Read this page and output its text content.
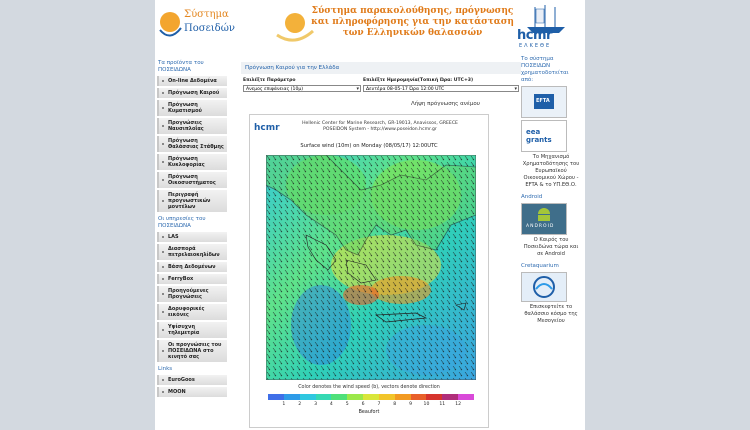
Σύστημα
Ποσειδών
Σύστημα παρακολούθησης, πρόγνωσης
και πληροφόρησης για την κατάσταση
των Ελληνικών θαλασσών	hcmr
ΕΛΚΕΘΕ
Τα προϊόντα του ΠΟΣΕΙΔΩΝΑ
On-line Δεδομένα
Πρόγνωση Καιρού
Πρόγνωση Κυματισμού
Προγνώσεις Ναυσιπλοΐας
Πρόγνωση Θαλάσσιας Στάθμης
Πρόγνωση Κυκλοφορίας
Πρόγνωση Οικοσυστήματος
Περιγραφή προγνωστικών μοντέλων
Οι υπηρεσίες του ΠΟΣΕΙΔΩΝΑ
LAS
Διασπορά πετρελαιοκηλίδων
Βάση Δεδομένων
FerryBox
Προηγούμενες Προγνώσεις
Δορυφορικές εικόνες
Υψίσυχνη τηλεμετρία
Οι προγνώσεις του ΠΟΣΕΙΔΩΝΑ στο κινητό σας
Links
EuroGoos
MOON
Πρόγνωση Καιρού για την Ελλάδα
Επιλέξτε Παράμετρο
Ανεμος επιφάνειας (10μ) ▾
Επιλέξτε Ημερομηνία(Τοπική Ώρα: UTC+3)
Δευτέρα 08-05-17 Ώρα 12:00 UTC ▾
Λήψη πρόγνωσης ανέμου
hcmr	Hellenic Center for Marine Research, GR-19013, Anavissos, GREECE
POSEIDON System - http://www.poseidon.hcmr.gr
Surface wind (10m) on Monday (08/05/17) 12:00UTC
Color denotes the wind speed (b), vectors denote direction
1	2	3	4	5	6	7	8	9 10 11 12
Beaufort
Το σύστημα ΠΟΣΕΙΔΩΝ χρηματοδοτείται από:
EFTA
eea grants
Το Μηχανισμό Χρηματοδότησης του Ευρωπαϊκού Οικονομικού Χώρου - EFTA & το ΥΠ.ΕΘ.Ο.
Android
ANDROID
Ο Καιρός του Ποσειδώνα τώρα και σε Android
Cretaquarium
Επισκεφτείτε το θαλάσσιο κόσμο της Μεσογείου
